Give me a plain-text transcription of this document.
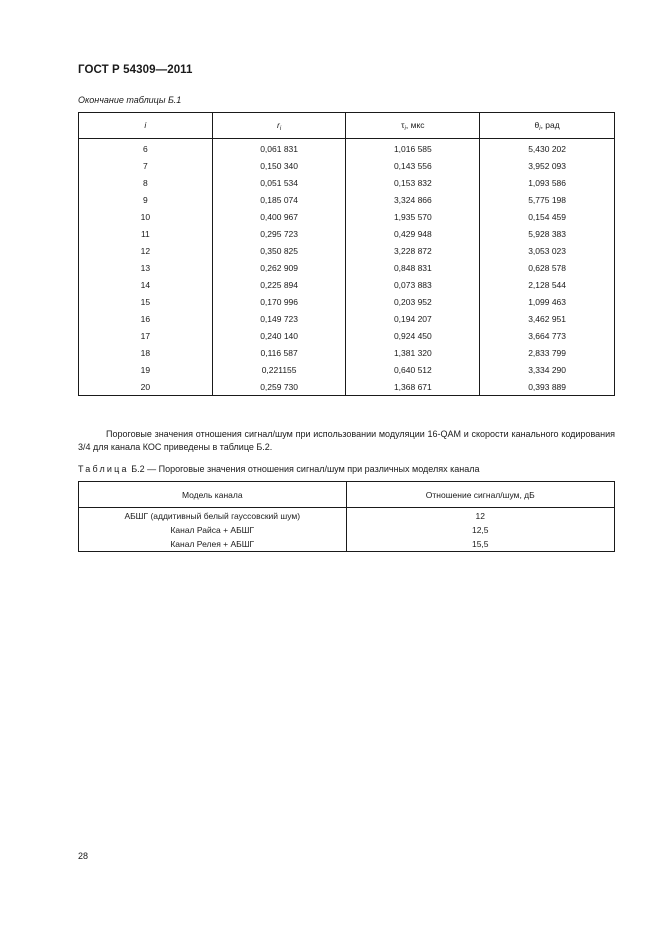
ГОСТ Р 54309—2011
Окончание таблицы Б.1
i	$r_i$	$\tau_i$, мкс	$\theta_i$, рад
6	0,061 831	1,016 585	5,430 202
7	0,150 340	0,143 556	3,952 093
8	0,051 534	0,153 832	1,093 586
9	0,185 074	3,324 866	5,775 198
10	0,400 967	1,935 570	0,154 459
11	0,295 723	0,429 948	5,928 383
12	0,350 825	3,228 872	3,053 023
13	0,262 909	0,848 831	0,628 578
14	0,225 894	0,073 883	2,128 544
15	0,170 996	0,203 952	1,099 463
16	0,149 723	0,194 207	3,462 951
17	0,240 140	0,924 450	3,664 773
18	0,116 587	1,381 320	2,833 799
19	0,221155	0,640 512	3,334 290
20	0,259 730	1,368 671	0,393 889
Пороговые значения отношения сигнал/шум при использовании модуляции 16-QAM и скорости канального кодирования 3/4 для канала КОС приведены в таблице Б.2.
Таблица Б.2 — Пороговые значения отношения сигнал/шум при различных моделях канала
Модель канала	Отношение сигнал/шум, дБ
АБШГ (аддитивный белый гауссовский шум)	12
Канал Райса + АБШГ	12,5
Канал Релея + АБШГ	15,5
28
